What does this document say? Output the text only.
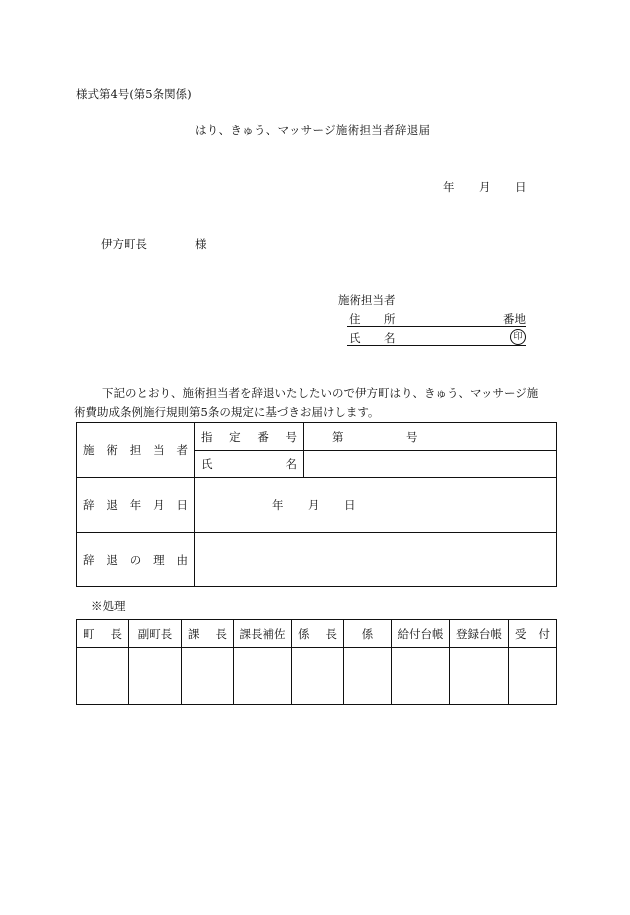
様式第4号(第5条関係)
はり、きゅう、マッサージ施術担当者辞退届
年 月 日
伊方町長	様
施術担当者
住 所	番地
氏 名	印
下記のとおり、施術担当者を辞退いたしたいので伊方町はり、きゅう、マッサージ施
術費助成条例施行規則第5条の規定に基づきお届けします。
施 術 担 当 者	指 定 番 号	第 号

	氏 名	

辞 退 年 月 日	年 月 日	

辞 退 の 理 由		

※処理
町 長	副町長	課 長	課長補佐	係 長	係	給付台帳	登録台帳	受 付
